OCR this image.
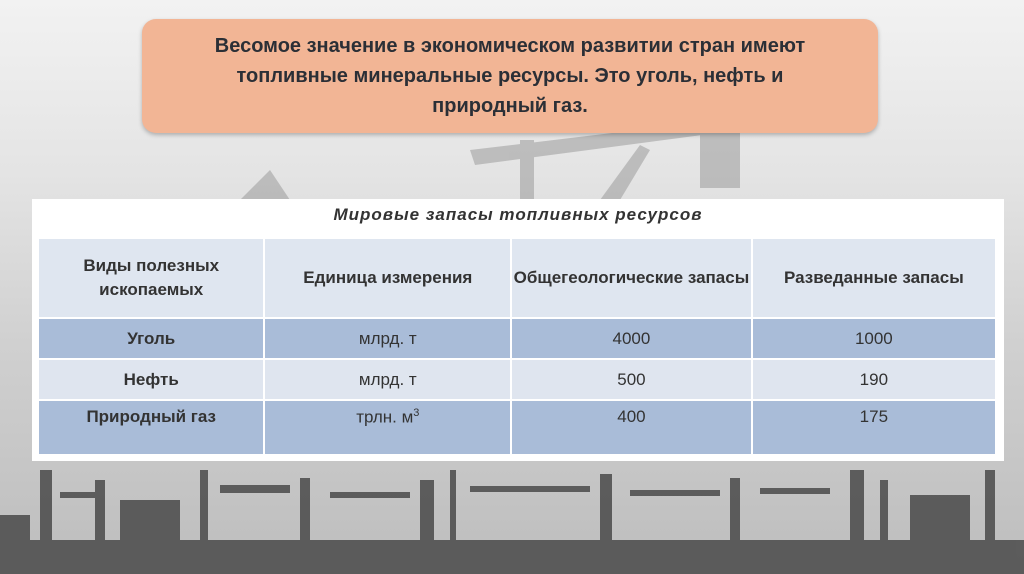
Весомое значение в экономическом развитии стран имеют топливные минеральные ресурсы. Это уголь, нефть и природный газ.
Мировые запасы топливных ресурсов
Виды полезных ископаемых	Единица измерения	Общегеологические запасы	Разведанные запасы
Уголь	млрд. т	4000	1000
Нефть	млрд. т	500	190
Природный газ	трлн. $м^3$	400	175
